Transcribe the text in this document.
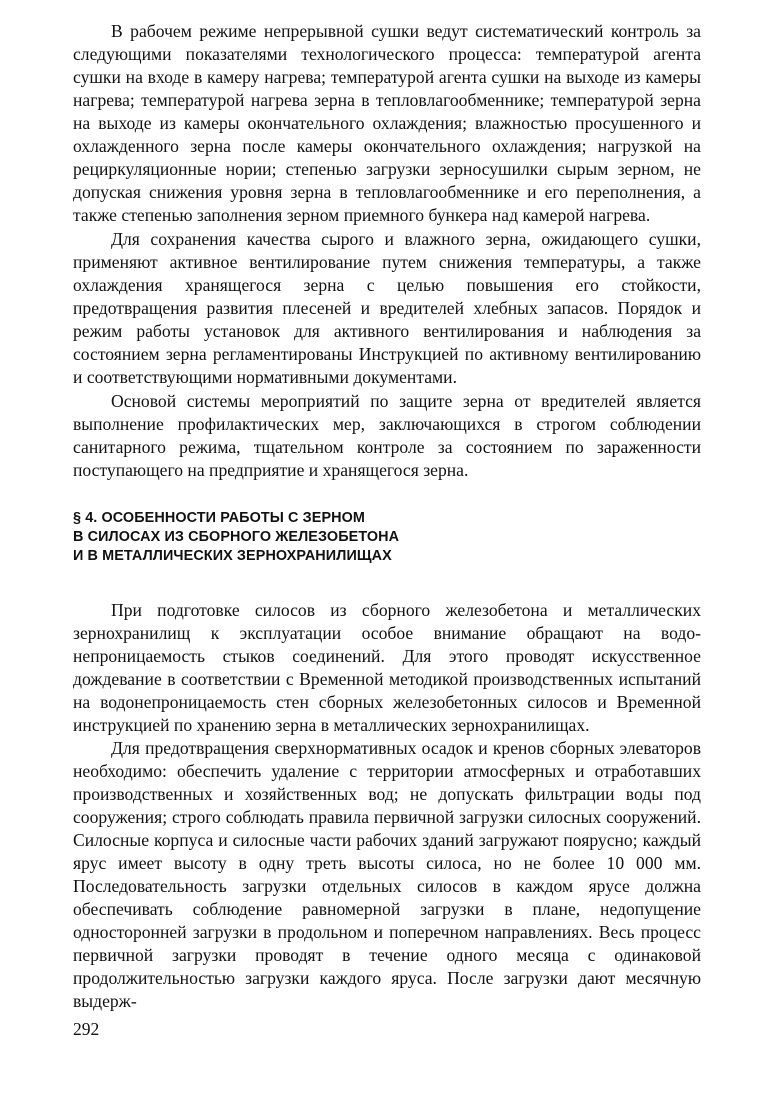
В рабочем режиме непрерывной сушки ведут систематический контроль за следующими показателями технологического процесса: температурой агента сушки на входе в камеру нагрева; температурой агента сушки на выходе из камеры нагрева; температурой нагрева зерна в тепловлагообменнике; температурой зерна на выходе из камеры окончательного охлаждения; влажностью просушенного и охлажденного зерна после камеры окончательного охлаждения; нагрузкой на рециркуляционные нории; степенью загрузки зерносушилки сырым зерном, не допуская снижения уровня зерна в тепловлагообменнике и его переполнения, а также степенью заполнения зерном приемного бункера над камерой нагрева.

Для сохранения качества сырого и влажного зерна, ожидающего сушки, применяют активное вентилирование путем снижения температуры, а также охлаждения хранящегося зерна с целью повышения его стойкости, предотвращения развития плесеней и вредителей хлебных запасов. Порядок и режим работы установок для активного вентилирования и наблюдения за состоянием зерна регламентированы Инструкцией по активному вентилированию и соответствующими нормативными документами.

Основой системы мероприятий по защите зерна от вредителей является выполнение профилактических мер, заключающихся в строгом соблюдении санитарного режима, тщательном контроле за состоянием по зараженности поступающего на предприятие и хранящегося зерна.

§ 4. ОСОБЕННОСТИ РАБОТЫ С ЗЕРНОМ
В СИЛОСАХ ИЗ СБОРНОГО ЖЕЛЕЗОБЕТОНА
И В МЕТАЛЛИЧЕСКИХ ЗЕРНОХРАНИЛИЩАХ

При подготовке силосов из сборного железобетона и металлических зернохранилищ к эксплуатации особое внимание обращают на водонепроницаемость стыков соединений. Для этого проводят искусственное дождевание в соответствии с Временной методикой производственных испытаний на водонепроницаемость стен сборных железобетонных силосов и Временной инструкцией по хранению зерна в металлических зернохранилищах.

Для предотвращения сверхнормативных осадок и кренов сборных элеваторов необходимо: обеспечить удаление с территории атмосферных и отработавших производственных и хозяйственных вод; не допускать фильтрации воды под сооружения; строго соблюдать правила первичной загрузки силосных сооружений. Силосные корпуса и силосные части рабочих зданий загружают поярусно; каждый ярус имеет высоту в одну треть высоты силоса, но не более 10 000 мм. Последовательность загрузки отдельных силосов в каждом ярусе должна обеспечивать соблюдение равномерной загрузки в плане, недопущение односторонней загрузки в продольном и поперечном направлениях. Весь процесс первичной загрузки проводят в течение одного месяца с одинаковой продолжительностью загрузки каждого яруса. После загрузки дают месячную выдерж-

292
